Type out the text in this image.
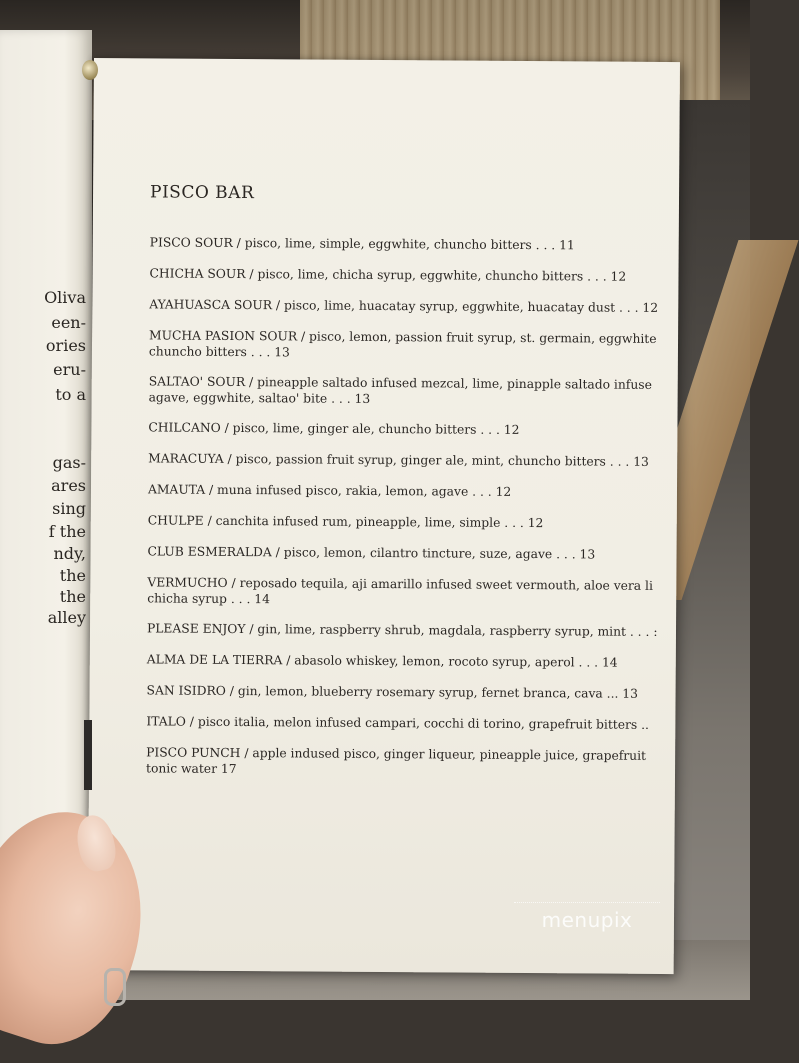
Oliva
een-
ories
eru-
to a
gas-
ares
sing
f the
ndy,
the
the
alley
PISCO BAR
PISCO SOUR / pisco, lime, simple, eggwhite, chuncho bitters . . . 11
CHICHA SOUR / pisco, lime, chicha syrup, eggwhite, chuncho bitters . . . 12
AYAHUASCA SOUR / pisco, lime, huacatay syrup, eggwhite, huacatay dust . . . 12
MUCHA PASION SOUR / pisco, lemon, passion fruit syrup, st. germain, eggwhite
chuncho bitters . . . 13
SALTAO' SOUR / pineapple saltado infused mezcal, lime, pinapple saltado infuse
agave, eggwhite, saltao' bite . . . 13
CHILCANO / pisco, lime, ginger ale, chuncho bitters . . . 12
MARACUYA / pisco, passion fruit syrup, ginger ale, mint, chuncho bitters . . . 13
AMAUTA / muna infused pisco, rakia, lemon, agave . . . 12
CHULPE / canchita infused rum, pineapple, lime, simple . . . 12
CLUB ESMERALDA / pisco, lemon, cilantro tincture, suze, agave . . . 13
VERMUCHO / reposado tequila, aji amarillo infused sweet vermouth, aloe vera li
chicha syrup . . . 14
PLEASE ENJOY / gin, lime, raspberry shrub, magdala, raspberry syrup, mint . . . :
ALMA DE LA TIERRA / abasolo whiskey, lemon, rocoto syrup, aperol . . . 14
SAN ISIDRO / gin, lemon, blueberry rosemary syrup, fernet branca, cava ... 13
ITALO / pisco italia, melon infused campari, cocchi di torino, grapefruit bitters ..
PISCO PUNCH / apple indused pisco, ginger liqueur, pineapple juice, grapefruit
tonic water 17
menupix
